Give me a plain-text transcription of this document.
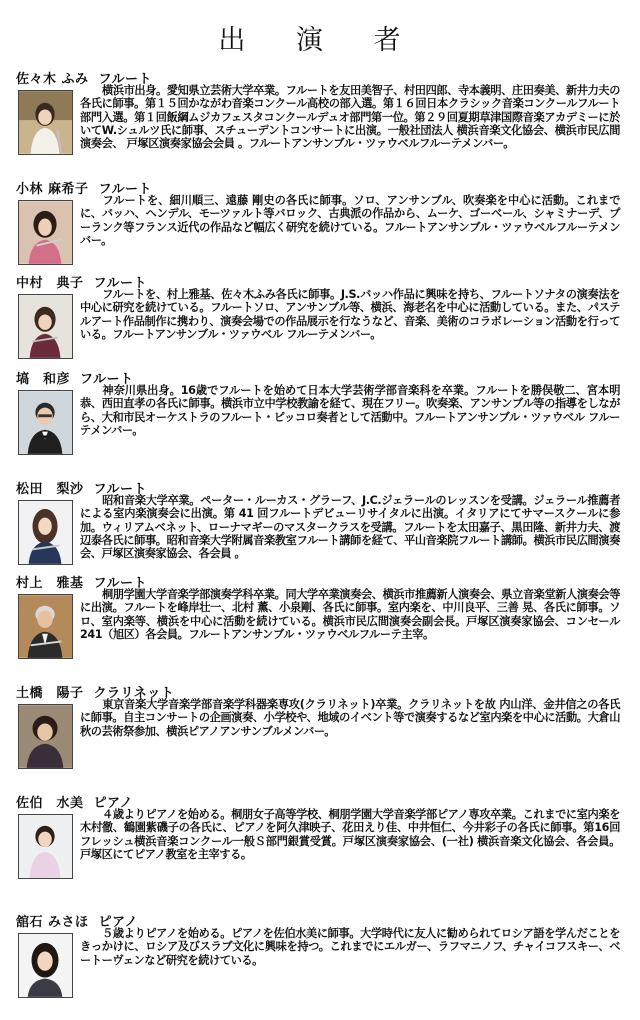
出 演 者
佐々木 ふみ フルート
横浜市出身。愛知県立芸術大学卒業。フルートを友田美智子、村田四郎、寺本義明、庄田奏美、新井力夫の各氏に師事。第１５回かながわ音楽コンクール高校の部入選。第１６回日本クラシック音楽コンクールフルート部門入選。第１回飯綱ムジカフェスタコンクールデュオ部門第一位。第２９回夏期草津国際音楽アカデミーに於いてW.シュルツ氏に師事、スチューデントコンサートに出演。一般社団法人 横浜音楽文化協会、横浜市民広間演奏会、 戸塚区演奏家協会会員 。フルートアンサンブル・ツァウベルフルーテメンバー。
小林 麻希子 フルート
フルートを、細川順三、遠藤 剛史の各氏に師事。ソロ、アンサンブル、吹奏楽を中心に活動。これまでに、バッハ、ヘンデル、モーツァルト等バロック、古典派の作品から、ムーケ、ゴーベール、シャミナーデ、プーランク等フランス近代の作品など幅広く研究を続けている。フルートアンサンブル・ツァウベルフルーテメンバー。
中村　典子 フルート
フルートを、村上雅基、佐々木ふみ各氏に師事。J.S.バッハ作品に興味を持ち、フルートソナタの演奏法を中心に研究を続けている。フルートソロ、アンサンブル等、横浜、海老名を中心に活動している。また、パステルアート作品制作に携わり、演奏会場での作品展示を行なうなど、音楽、美術のコラボレーション活動を行っている。フルートアンサンブル・ツァウベル フルーテメンバー。
塙　和彦 フルート
神奈川県出身。16歳でフルートを始めて日本大学芸術学部音楽科を卒業。フルートを勝俣敬二、宮本明恭、西田直孝の各氏に師事。横浜市立中学校教諭を経て、現在フリー。吹奏楽、アンサンブル等の指導をしながら、大和市民オーケストラのフルート・ピッコロ奏者として活動中。フルートアンサンブル・ツァウベル フルーテメンバー。
松田　梨沙 フルート
昭和音楽大学卒業。ペーター・ルーカス・グラーフ、J.C.ジェラールのレッスンを受講。ジェラール推薦者による室内楽演奏会に出演。第 41 回フルートデビューリサイタルに出演。イタリアにてサマースクールに参加。ウィリアムベネット、ローナマギーのマスタークラスを受講。フルートを太田嘉子、黒田隆、新井力夫、渡辺泰各氏に師事。昭和音楽大学附属音楽教室フルート講師を経て、平山音楽院フルート講師。横浜市民広間演奏会、戸塚区演奏家協会、各会員 。
村上　雅基 フルート
桐朋学園大学音楽学部演奏学科卒業。同大学卒業演奏会、横浜市推薦新人演奏会、県立音楽堂新人演奏会等に出演。フルートを峰岸壮一、北村 薫、小泉剛、各氏に師事。室内楽を、中川良平、三善 晃、各氏に師事。ソロ、室内楽等、横浜を中心に活動を続けている。横浜市民広間演奏会副会長。戸塚区演奏家協会、コンセール241（旭区）各会員。フルートアンサンブル・ツァウベルフルーテ主宰。
土橋　陽子 クラリネット
東京音楽大学音楽学部音楽学科器楽専攻(クラリネット)卒業。クラリネットを故 内山洋、金井信之の各氏に師事。自主コンサートの企画演奏、小学校や、地域のイベント等で演奏するなど室内楽を中心に活動。大倉山秋の芸術祭参加、横浜ピアノアンサンブルメンバー。
佐伯　水美 ピアノ
４歳よりピアノを始める。桐朋女子高等学校、桐朋学園大学音楽学部ピアノ専攻卒業。これまでに室内楽を木村徹、鶴園紫磯子の各氏に、ピアノを阿久津映子、花田えり佳、中井恒仁、今井彩子の各氏に師事。第16回フレッシュ横浜音楽コンクール一般Ｓ部門銀賞受賞。戸塚区演奏家協会、(一社) 横浜音楽文化協会、各会員。戸塚区にてピアノ教室を主宰する。
舘石 みさほ ピアノ
５歳よりピアノを始める。ピアノを佐伯水美に師事。大学時代に友人に勧められてロシア語を学んだことをきっかけに、ロシア及びスラブ文化に興味を持つ。これまでにエルガー、ラフマニノフ、チャイコフスキー、ベートーヴェンなど研究を続けている。
